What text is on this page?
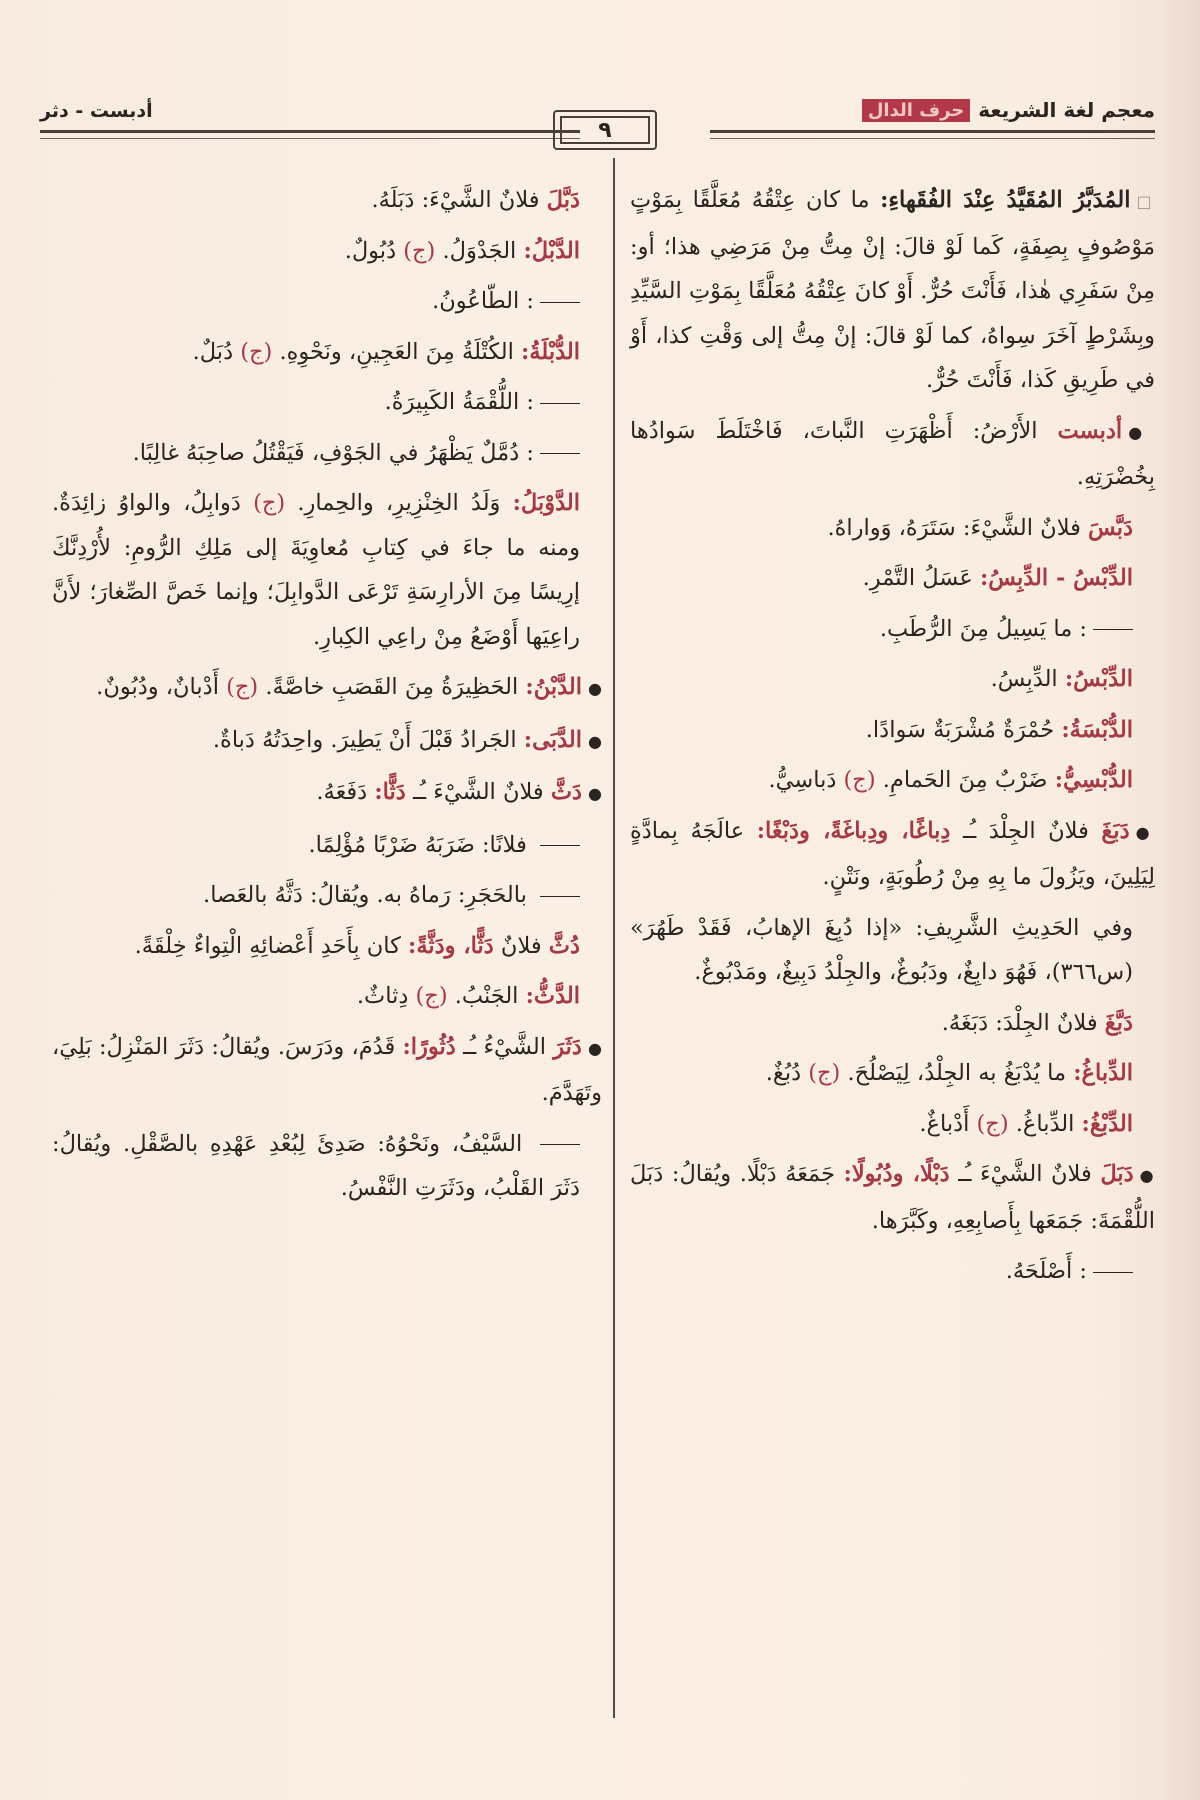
معجم لغة الشريعة
حرف الدال
أدبست - دثر
٩

□المُدَبَّرُ المُقَيَّدُ عِنْدَ الفُقَهاءِ: ما كان عِتْقُهُ مُعَلَّقًا بِمَوْتٍ مَوْصُوفٍ بِصِفَةٍ، كَما لَوْ قالَ: إنْ مِتُّ مِنْ مَرَضِي هذا؛ أو: مِنْ سَفَرِي هٰذا، فَأَنْتَ حُرٌّ. أَوْ كانَ عِتْقُهُ مُعَلَّقًا بِمَوْتِ السَّيِّدِ وبِشَرْطٍ آخَرَ سِواهُ، كما لَوْ قالَ: إنْ مِتُّ إلى وَقْتِ كذا، أَوْ في طَرِيقِ كَذا، فَأَنْتَ حُرٌّ.

●أدبست الأَرْضُ: أَظْهَرَتِ النَّباتَ، فَاخْتَلَطَ سَوادُها بِخُضْرَتِهِ.

دَبَّسَ فلانٌ الشَّيْءَ: سَتَرَهُ، وَواراهُ.

الدِّبْسُ - الدِّبِسُ: عَسَلُ التَّمْرِ.

: ما يَسِيلُ مِنَ الرُّطَبِ.

الدِّبْسُ: الدِّبِسُ.

الدُّبْسَةُ: حُمْرَةٌ مُشْرَبَةٌ سَوادًا.

الدُّبْسِيُّ: ضَرْبٌ مِنَ الحَمامِ. (ج) دَباسِيُّ.

●دَبَغَ فلانٌ الجِلْدَ ـُـ دِباغًا، ودِباغَةً، ودَبْغًا: عالَجَهُ بِمادَّةٍ لِيَلِينَ، ويَزُولَ ما بِهِ مِنْ رُطُوبَةٍ، ونَتْنٍ.

وفي الحَدِيثِ الشَّرِيفِ: «إذا دُبِغَ الإهابُ، فَقَدْ طَهُرَ» (س٣٦٦)، فَهُوَ دابِغٌ، ودَبُوغٌ، والجِلْدُ دَبِيغٌ، ومَدْبُوغٌ.

دَبَّغَ فلانٌ الجِلْدَ: دَبَغَهُ.

الدِّباغُ: ما يُدْبَغُ به الجِلْدُ، لِيَصْلُحَ. (ج) دُبُغٌ.

الدِّبْغُ: الدِّباغُ. (ج) أَدْباغٌ.

●دَبَلَ فلانٌ الشَّيْءَ ـُـ دَبْلًا، ودُبُولًا: جَمَعَهُ دَبْلًا. ويُقالُ: دَبَلَ اللُّقْمَةَ: جَمَعَها بِأَصابِعِهِ، وكَبَّرَها.

: أَصْلَحَهُ.

دَبَّلَ فلانٌ الشَّيْءَ: دَبَلَهُ.

الدَّبْلُ: الجَدْوَلُ. (ج) دُبُولٌ.

: الطّاعُونُ.

الدُّبْلَةُ: الكُتْلَةُ مِنَ العَجِينِ، ونَحْوِهِ. (ج) دُبَلٌ.

: اللُّقْمَةُ الكَبِيرَةُ.

: دُمَّلٌ يَظْهَرُ في الجَوْفِ، فَيَقْتُلُ صاحِبَهُ غالِبًا.

الدَّوْبَلُ: وَلَدُ الخِنْزِيرِ، والحِمارِ. (ج) دَوابِلُ، والواوُ زائِدَةٌ. ومنه ما جاءَ في كِتابِ مُعاوِيَةَ إلى مَلِكِ الرُّومِ: لأُرْدِنَّكَ إرِيسًا مِنَ الأرارِسَةِ تَرْعَى الدَّوابِلَ؛ وإنما خَصَّ الصِّغارَ؛ لأَنَّ راعِيَها أَوْضَعُ مِنْ راعِي الكِبارِ.

●الدَّبْنُ: الحَظِيرَةُ مِنَ القَصَبِ خاصَّةً. (ج) أَدْبانٌ، ودُبُونٌ.

●الدَّبَى: الجَرادُ قَبْلَ أَنْ يَطِيرَ. واحِدَتُهُ دَباةٌ.

●دَثَّ فلانٌ الشَّيْءَ ـُـ دَثًّا: دَفَعَهُ.

فلانًا: ضَرَبَهُ ضَرْبًا مُؤْلِمًا.

بالحَجَرِ: رَماهُ به. ويُقالُ: دَثَّهُ بالعَصا.

دُثَّ فلانٌ دَثًّا، ودَثَّةً: كان بِأَحَدِ أَعْضائِهِ الْتِواءٌ خِلْقَةً.

الدَّثُّ: الجَنْبُ. (ج) دِثاثٌ.

●دَثَرَ الشَّيْءُ ـُـ دُثُورًا: قَدُمَ، ودَرَسَ. ويُقالُ: دَثَرَ المَنْزِلُ: بَلِيَ، وتَهَدَّمَ.

السَّيْفُ، ونَحْوُهُ: صَدِئَ لِبُعْدِ عَهْدِهِ بالصَّقْلِ. ويُقالُ: دَثَرَ القَلْبُ، ودَثَرَتِ النَّفْسُ.
